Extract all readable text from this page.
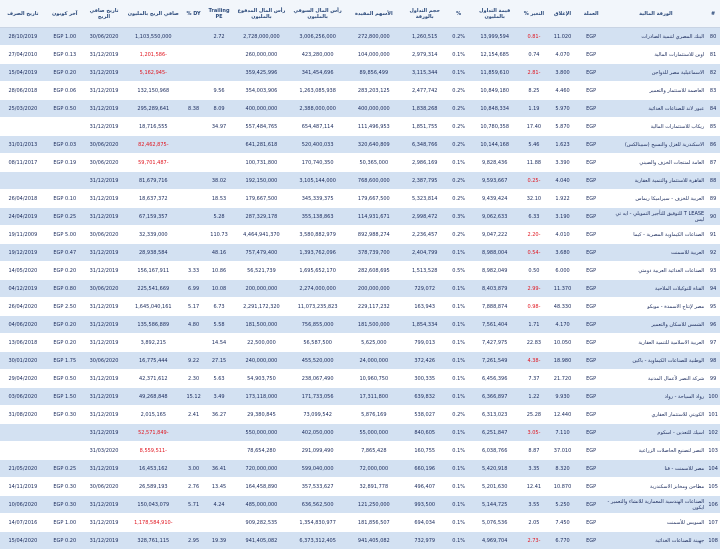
#	الورقة المالية	العملة	الإغلاق	التغير %	قيمة التداول بالمليون	%	حجم التداول بالورقة	الأسهم المقيدة	رأس المال السوقي بالمليون	رأس المال المدفوع بالمليون	Trailing PE	DY %	صافي الربح بالمليون	تاريخ صافي الربح	آخر كوبون	تاريخ الصرف
80	البنك المصري لتنمية الصادرات	EGP	11.020	-0.81	13,999,594	0.2%	1,260,515	272,800,000	3,006,256,000	2,728,000,000	2.72		1,103,550,000	30/06/2020	EGP 1.00	28/10/2019
81	اوبن للاستثمارات المالية	EGP	4.070	0.74	12,154,685	0.1%	2,979,314	104,000,000	423,280,000	260,000,000			-1,201,586	31/12/2019	EGP 0.13	27/04/2010
82	الاسماعيلية مصر للدواجن	EGP	3.800	-2.81	11,859,610	0.1%	3,115,344	89,856,499	341,454,696	359,425,996			-5,162,945	31/12/2019	EGP 0.20	15/04/2019
83	العاصمة للاستثمار والتعمير	EGP	4.460	8.25	10,849,180	0.2%	2,477,742	283,203,125	1,263,085,938	354,003,906	9.56		132,150,968	31/12/2019	EGP 0.06	28/06/2018
84	عبور لاند للصناعات الغذائية	EGP	5.970	1.19	10,848,334	0.2%	1,838,268	400,000,000	2,388,000,000	400,000,000	8.09	8.38	295,289,641	31/12/2019	EGP 0.50	25/03/2020
85	ريكاب للاستثمارات المالية	EGP	5.870	17.40	10,780,358	0.2%	1,851,755	111,496,953	654,487,114	557,484,765	34.97		18,716,555	31/12/2019		
86	الاسكندرية للغزل والنسيج (سبينالكس)	EGP	1.623	5.46	10,144,168	0.2%	6,348,766	320,640,809	520,400,033	641,281,618			-82,462,875	30/06/2020	EGP 0.03	31/01/2013
87	العامة لمنتجات الخزف والصيني	EGP	3.390	11.88	9,828,436	0.1%	2,986,169	50,365,000	170,740,350	100,731,800			-59,701,487	30/06/2020	EGP 0.19	08/11/2017
88	القاهرة للاستثمار والتنمية العقارية	EGP	4.040	-0.25	9,593,667	0.2%	2,387,795	768,600,000	3,105,144,000	192,150,000	38.02		81,679,716	31/12/2019		
89	العربية للخزف - سيراميكا ريماس	EGP	1.922	32.10	9,439,424	0.2%	5,323,814	179,667,500	345,339,375	179,667,500	18.53		18,637,372	31/12/2019	EGP 0.10	26/04/2018
90	T LEASE للتوفيق للتأجير التمويلي - ايه تي ليس	EGP	3.190	6.33	9,062,633	0.3%	2,998,472	114,931,671	355,138,863	287,329,178	5.28		67,159,357	31/12/2019	EGP 0.25	24/04/2019
91	الصناعات الكيماوية المصرية - كيما	EGP	4.010	-2.20	9,047,222	0.2%	2,236,457	892,988,274	3,580,882,979	4,464,941,370	110.73		32,339,000	30/06/2020	EGP 5.00	19/11/2009
92	العربية للاسمنت	EGP	3.680	-0.54	8,988,004	0.1%	2,404,799	378,739,700	1,393,762,096	757,479,400	48.16		28,938,584	31/12/2019	EGP 0.47	19/12/2019
93	الصناعات الغذائية العربية دومتي	EGP	6.000	0.50	8,982,049	0.5%	1,513,528	282,608,695	1,695,652,170	56,521,739	10.86	3.33	156,167,911	31/12/2019	EGP 0.20	14/05/2020
94	القناة للتوكيلات الملاحية	EGP	11.370	-2.99	8,403,879	0.1%	729,072	200,000,000	2,274,000,000	200,000,000	10.08	6.99	225,541,669	30/06/2020	EGP 0.80	04/12/2019
95	مصر لإنتاج الاسمدة - موبكو	EGP	48.330	-0.98	7,888,874	0.1%	163,943	229,117,232	11,073,235,823	2,291,172,320	6.73	5.17	1,645,040,161	31/12/2019	EGP 2.50	26/04/2020
96	الشمس للاسكان والتعمير	EGP	4.170	1.71	7,561,404	0.1%	1,854,334	181,500,000	756,855,000	181,500,000	5.58	4.80	135,586,889	31/12/2019	EGP 0.20	04/06/2020
97	العربية الاسلامية للتنمية العقارية	EGP	10.050	22.83	7,427,975	0.1%	799,013	5,625,000	56,587,500	22,500,000	14.54		3,892,215	31/12/2019	EGP 0.20	13/06/2018
98	الوطنية للصناعات الكيماوية - باكين	EGP	18.980	-4.38	7,261,549	0.1%	372,426	24,000,000	455,520,000	240,000,000	27.15	9.22	16,775,444	30/06/2020	EGP 1.75	30/01/2020
99	شركة النصر لأعمال المدنية	EGP	21.720	7.37	6,456,396	0.1%	300,335	10,960,750	238,067,490	54,903,750	5.63	2.30	42,371,612	31/12/2019	EGP 0.50	29/04/2020
100	رواد السياحة - رواد	EGP	9.930	1.22	6,366,897	0.1%	639,832	17,311,800	171,733,056	173,118,000	3.49	15.12	49,268,848	31/12/2019	EGP 1.50	03/06/2020
101	الكويتي للاستثمار العقاري	EGP	12.440	25.28	6,313,023	0.2%	538,027	5,876,169	73,099,542	29,380,845	36.27	2.41	2,015,165	31/12/2019	EGP 0.30	31/08/2020
102	اسيك للتعدين - اسكوم	EGP	7.110	-3.05	6,251,847	0.1%	840,605	55,000,000	402,050,000	550,000,000			-52,571,849	31/12/2019		
103	النصر لتصنيع الحاصلات الزراعية	EGP	37.010	8.87	6,038,766	0.1%	160,755	7,865,428	291,099,490	78,654,280			-8,559,511	31/03/2020		
104	مصر للاسمنت - قنا	EGP	8.320	3.35	5,420,918	0.1%	660,196	72,000,000	599,040,000	720,000,000	36.41	3.00	16,453,162	31/12/2019	EGP 0.25	21/05/2020
105	مطاحن ومخابز الاسكندرية	EGP	10.870	12.41	5,201,630	0.1%	496,407	32,891,778	357,533,627	164,458,890	13.45	2.76	26,589,193	30/06/2020	EGP 0.30	14/11/2019
106	الصناعات الهندسية المعمارية للانشاء والتعمير - ايكون	EGP	5.250	3.55	5,144,725	0.1%	993,500	121,250,000	636,562,500	485,000,000	4.24	5.71	150,043,079	31/12/2019	EGP 0.30	10/06/2020
107	السويس للأسمنت	EGP	7.450	2.05	5,076,536	0.1%	694,034	181,856,507	1,354,830,977	909,282,535			-1,178,584,910	31/12/2019	EGP 1.00	14/07/2016
108	جهينة للصناعات الغذائية	EGP	6.770	-2.73	4,969,704	0.1%	732,979	941,405,082	6,373,312,405	941,405,082	19.39	2.95	328,761,115	31/12/2019	EGP 0.20	15/04/2020
